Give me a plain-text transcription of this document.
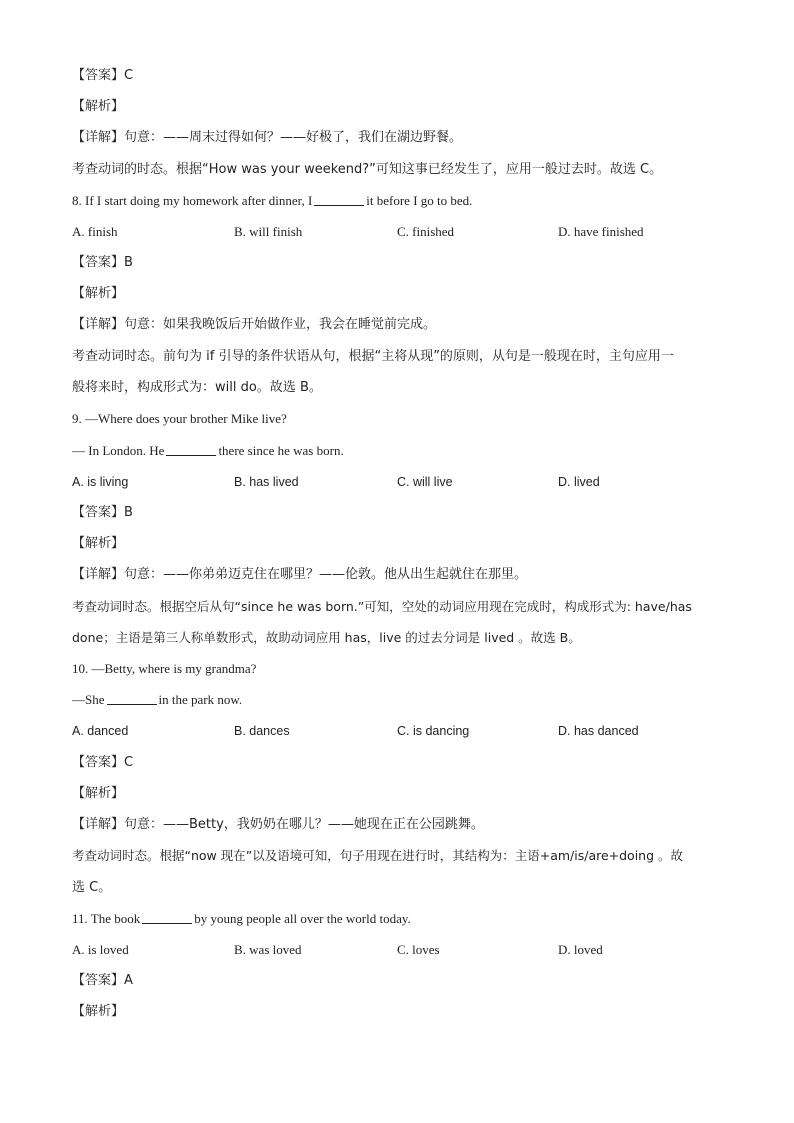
【答案】C
【解析】
【详解】句意：——周末过得如何？——好极了，我们在湖边野餐。
考查动词的时态。根据“How was your weekend?”可知这事已经发生了，应用一般过去时。故选 C。
8. If I start doing my homework after dinner, I	it before I go to bed.
A. finish	B. will finish	C. finished	D. have finished
【答案】B
【解析】
【详解】句意：如果我晚饭后开始做作业，我会在睡觉前完成。
考查动词时态。前句为 if 引导的条件状语从句，根据“主将从现”的原则，从句是一般现在时，主句应用一
般将来时，构成形式为：will do。故选 B。
9. —Where does your brother Mike live?
— In London. He	there since he was born.
A. is living	B. has lived	C. will live	D. lived
【答案】B
【解析】
【详解】句意：——你弟弟迈克住在哪里？——伦敦。他从出生起就住在那里。
考查动词时态。根据空后从句“since he was born.”可知，空处的动词应用现在完成时，构成形式为: have/has
done；主语是第三人称单数形式，故助动词应用 has，live 的过去分词是 lived 。故选 B。
10. —Betty, where is my grandma?
—She	in the park now.
A. danced	B. dances	C. is dancing	D. has danced
【答案】C
【解析】
【详解】句意：——Betty，我奶奶在哪儿？——她现在正在公园跳舞。
考查动词时态。根据“now 现在”以及语境可知，句子用现在进行时，其结构为：主语+am/is/are+doing 。故
选 C。
11. The book	by young people all over the world today.
A. is loved	B. was loved	C. loves	D. loved
【答案】A
【解析】
